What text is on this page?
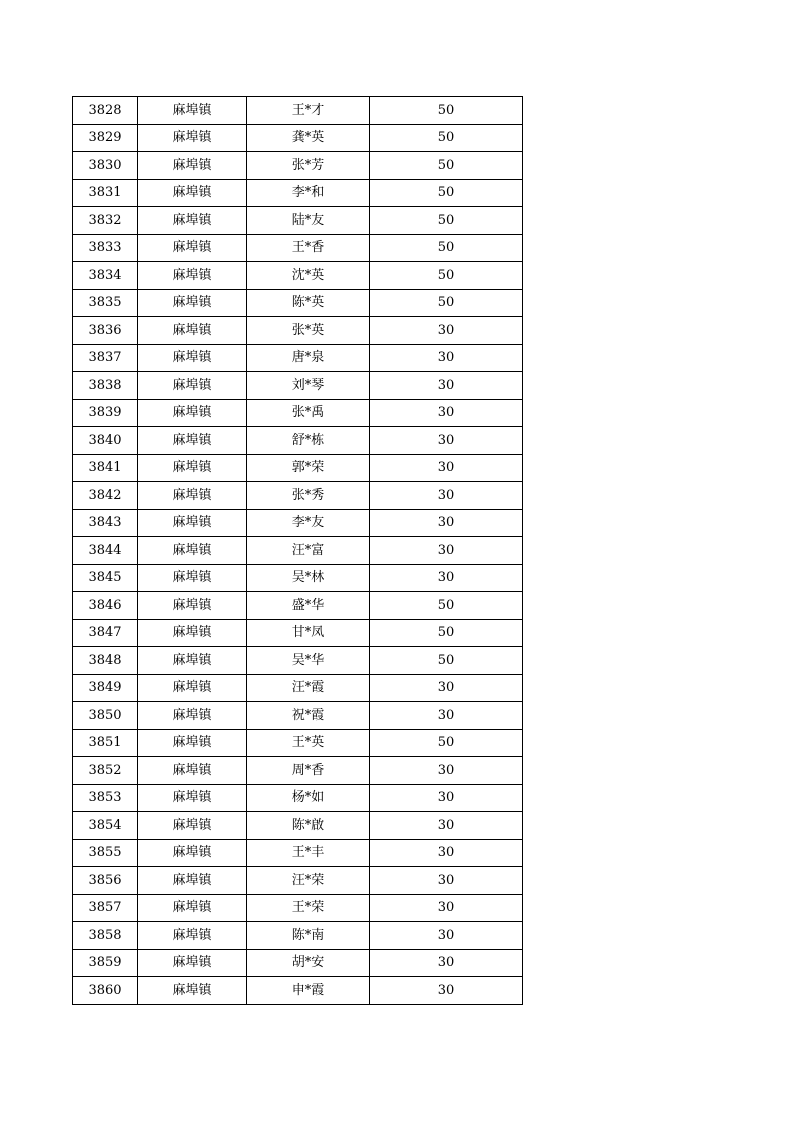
3828	麻埠镇	王*才	50
3829	麻埠镇	龚*英	50
3830	麻埠镇	张*芳	50
3831	麻埠镇	李*和	50
3832	麻埠镇	陆*友	50
3833	麻埠镇	王*香	50
3834	麻埠镇	沈*英	50
3835	麻埠镇	陈*英	50
3836	麻埠镇	张*英	30
3837	麻埠镇	唐*泉	30
3838	麻埠镇	刘*琴	30
3839	麻埠镇	张*禹	30
3840	麻埠镇	舒*栋	30
3841	麻埠镇	郭*荣	30
3842	麻埠镇	张*秀	30
3843	麻埠镇	李*友	30
3844	麻埠镇	汪*富	30
3845	麻埠镇	吴*林	30
3846	麻埠镇	盛*华	50
3847	麻埠镇	甘*凤	50
3848	麻埠镇	吴*华	50
3849	麻埠镇	汪*霞	30
3850	麻埠镇	祝*霞	30
3851	麻埠镇	王*英	50
3852	麻埠镇	周*香	30
3853	麻埠镇	杨*如	30
3854	麻埠镇	陈*啟	30
3855	麻埠镇	王*丰	30
3856	麻埠镇	汪*荣	30
3857	麻埠镇	王*荣	30
3858	麻埠镇	陈*南	30
3859	麻埠镇	胡*安	30
3860	麻埠镇	申*霞	30
